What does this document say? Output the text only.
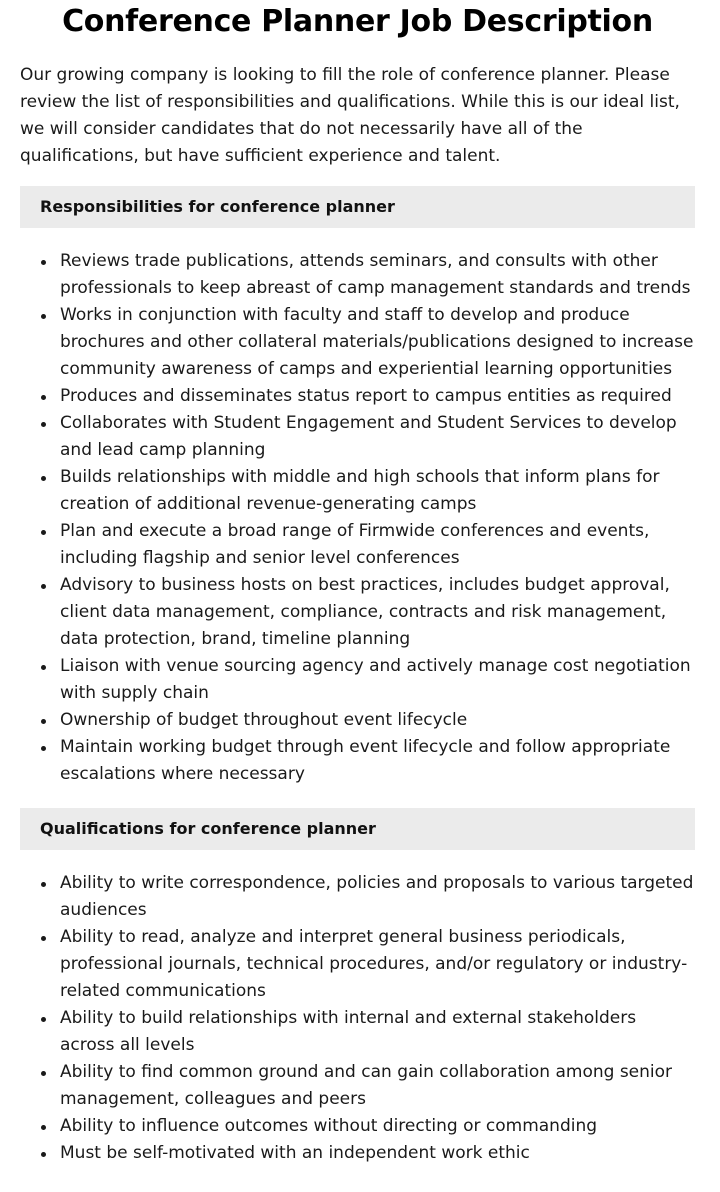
Conference Planner Job Description

Our growing company is looking to fill the role of conference planner. Please review the list of responsibilities and qualifications. While this is our ideal list, we will consider candidates that do not necessarily have all of the qualifications, but have sufficient experience and talent.

Responsibilities for conference planner
Reviews trade publications, attends seminars, and consults with other professionals to keep abreast of camp management standards and trends
Works in conjunction with faculty and staff to develop and produce brochures and other collateral materials/publications designed to increase community awareness of camps and experiential learning opportunities
Produces and disseminates status report to campus entities as required
Collaborates with Student Engagement and Student Services to develop and lead camp planning
Builds relationships with middle and high schools that inform plans for creation of additional revenue-generating camps
Plan and execute a broad range of Firmwide conferences and events, including flagship and senior level conferences
Advisory to business hosts on best practices, includes budget approval, client data management, compliance, contracts and risk management, data protection, brand, timeline planning
Liaison with venue sourcing agency and actively manage cost negotiation with supply chain
Ownership of budget throughout event lifecycle
Maintain working budget through event lifecycle and follow appropriate escalations where necessary
Qualifications for conference planner
Ability to write correspondence, policies and proposals to various targeted audiences
Ability to read, analyze and interpret general business periodicals, professional journals, technical procedures, and/or regulatory or industry-related communications
Ability to build relationships with internal and external stakeholders across all levels
Ability to find common ground and can gain collaboration among senior management, colleagues and peers
Ability to influence outcomes without directing or commanding
Must be self-motivated with an independent work ethic
